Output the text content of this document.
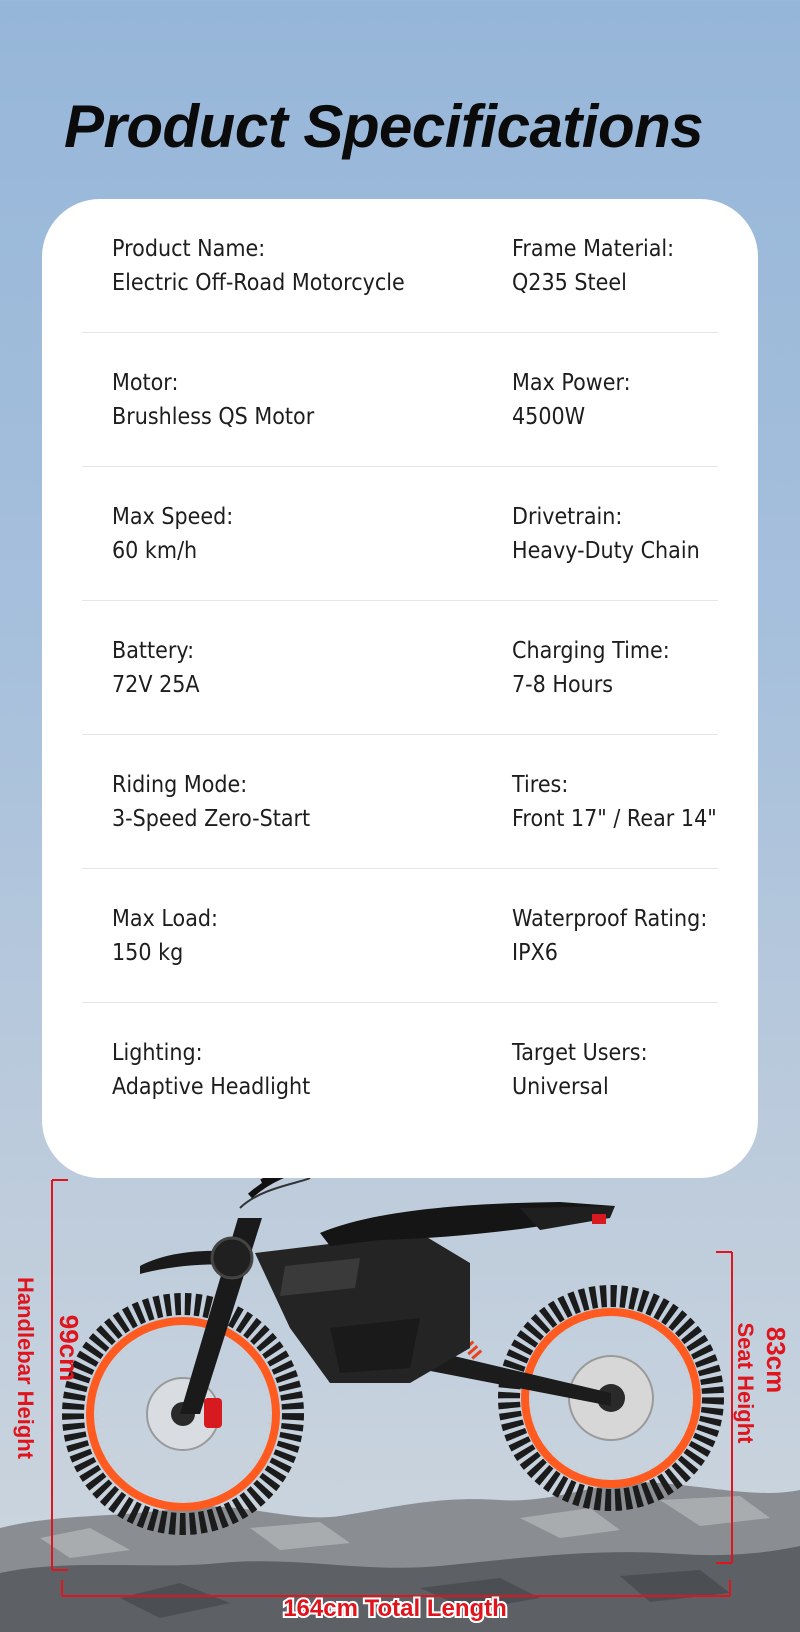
Product Specifications
Product Name:
Electric Off-Road Motorcycle
Frame Material:
Q235 Steel
Motor:
Brushless QS Motor
Max Power:
4500W
Max Speed:
60 km/h
Drivetrain:
Heavy-Duty Chain
Battery:
72V 25A
Charging Time:
7-8 Hours
Riding Mode:
3-Speed Zero-Start
Tires:
Front 17" / Rear 14"
Max Load:
150 kg
Waterproof Rating:
IPX6
Lighting:
Adaptive Headlight
Target Users:
Universal
99cm
Handlebar Height	83cm
Seat Height
164cm Total Length
